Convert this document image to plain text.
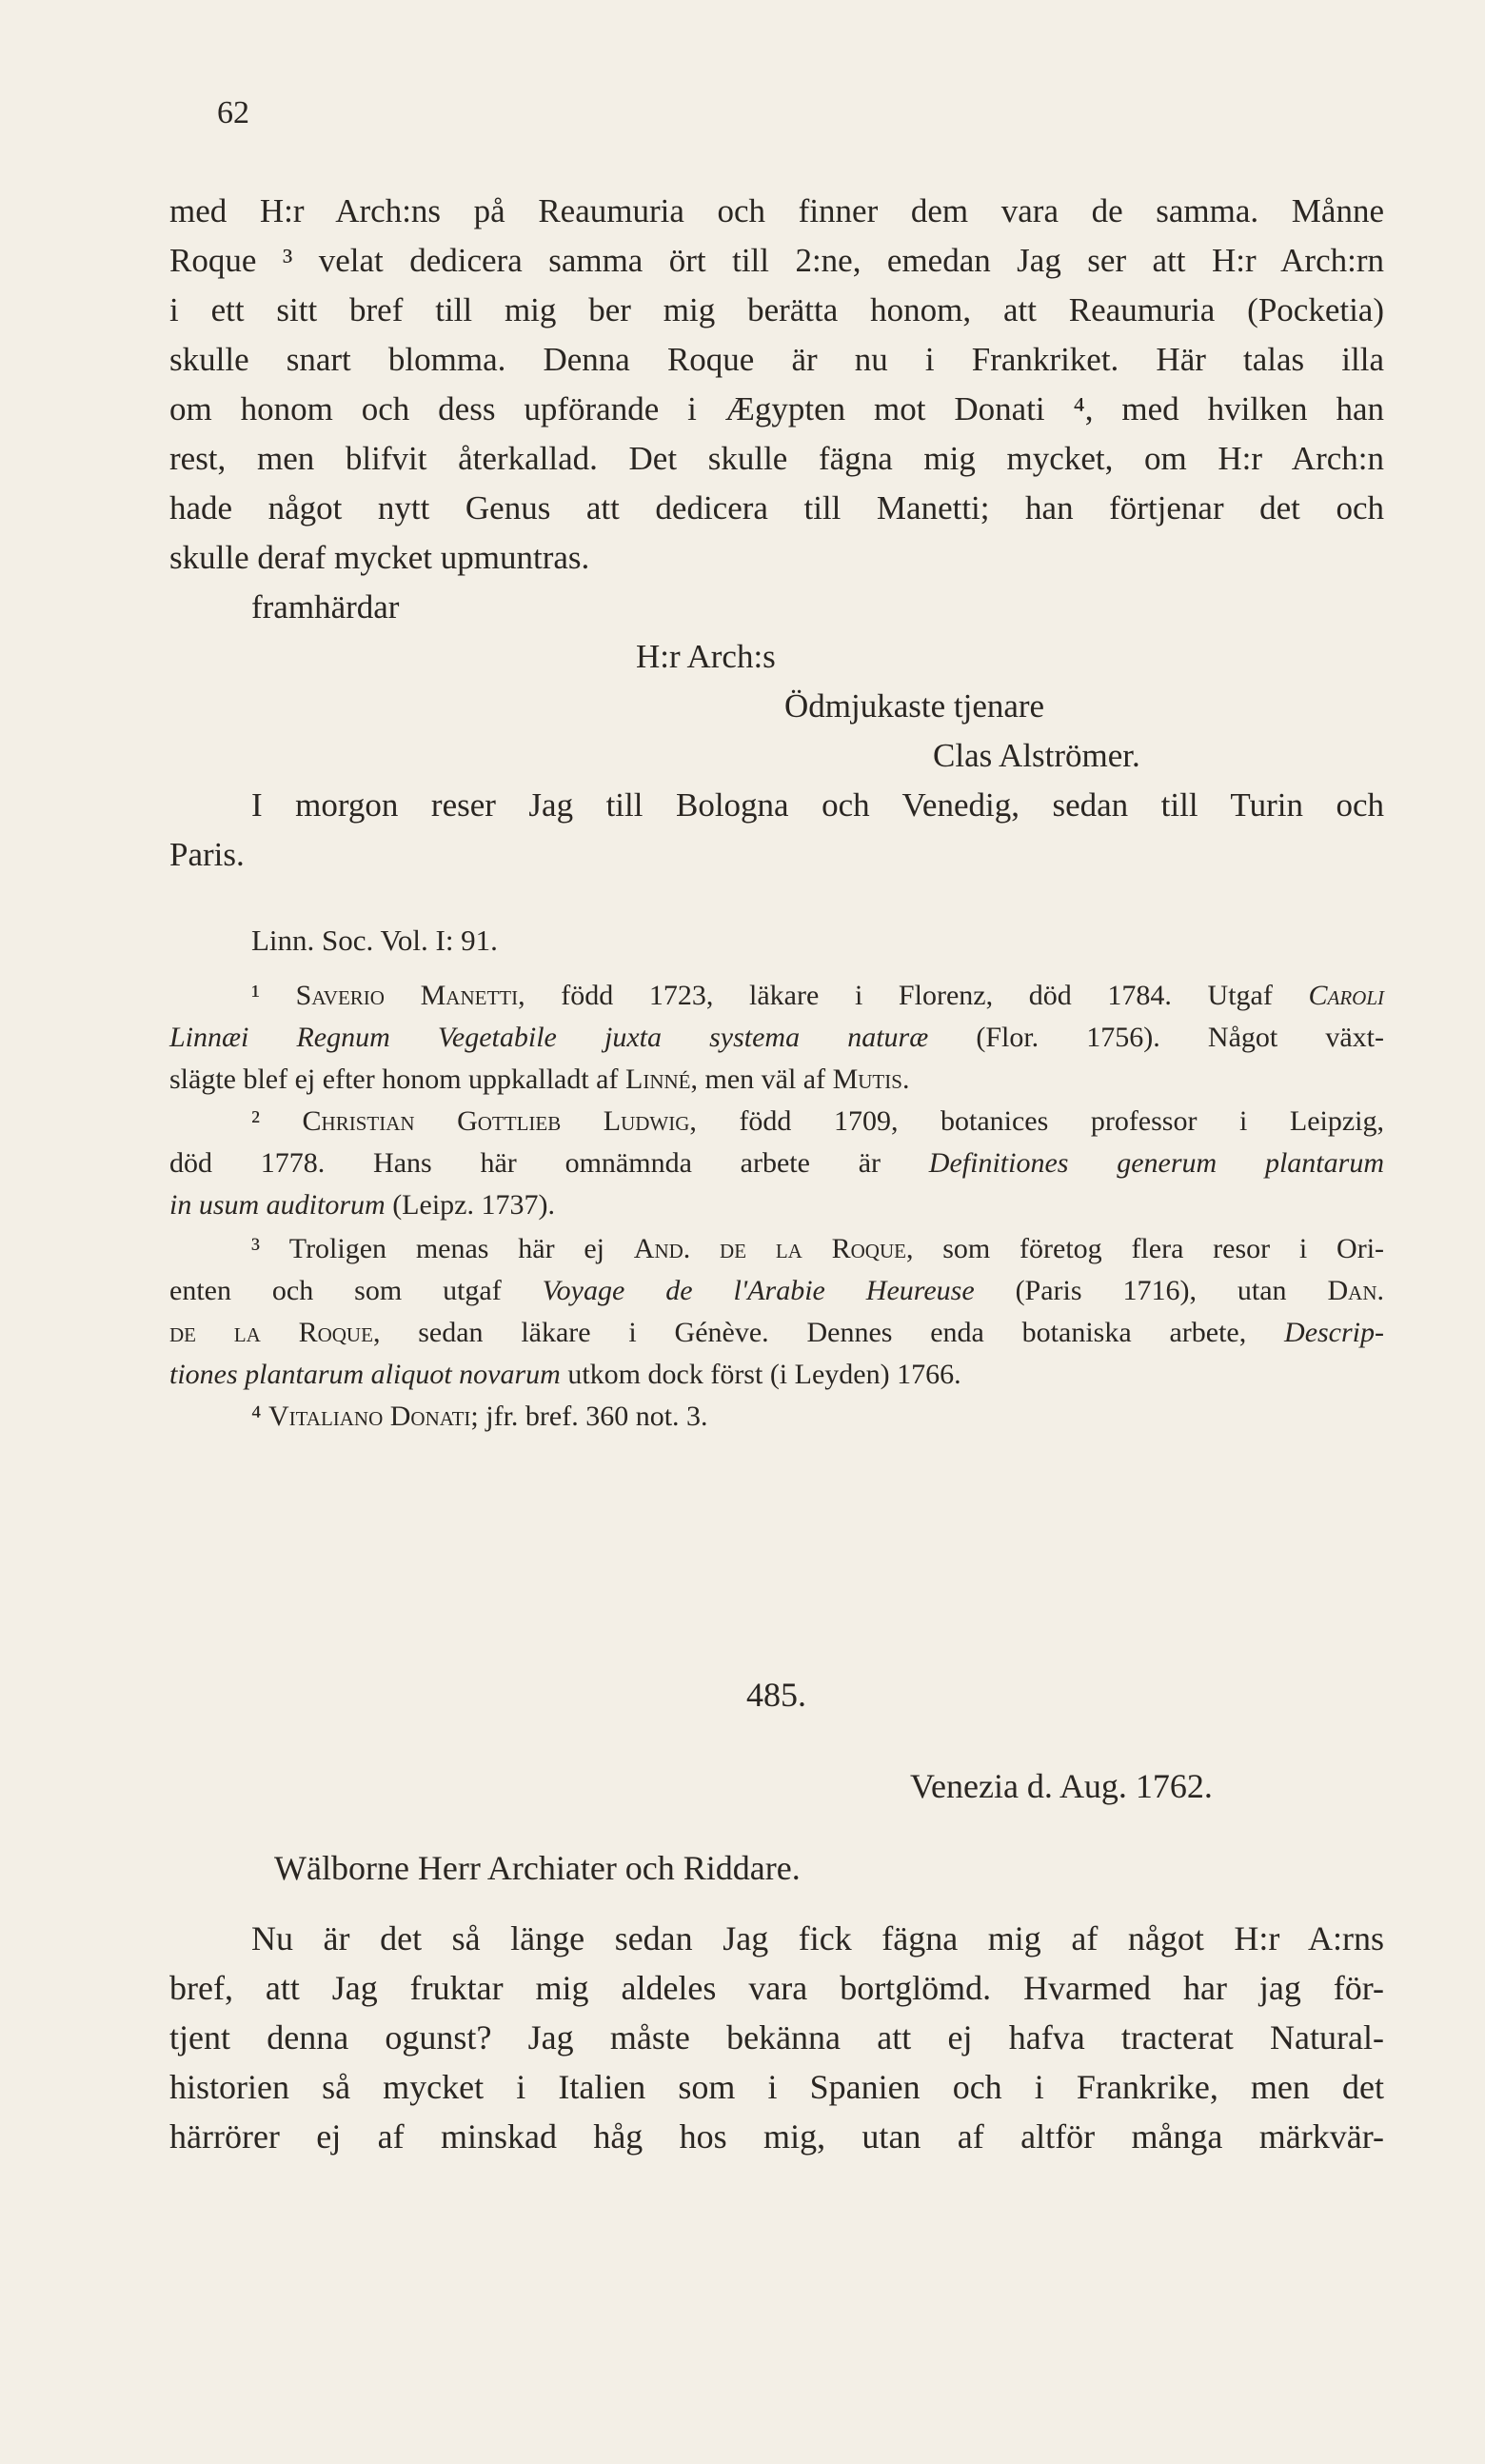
62
med H:r Arch:ns på Reaumuria och finner dem vara de samma. Månne
Roque ³ velat dedicera samma ört till 2:ne, emedan Jag ser att H:r Arch:rn
i ett sitt bref till mig ber mig berätta honom, att Reaumuria (Pocketia)
skulle snart blomma. Denna Roque är nu i Frankriket. Här talas illa
om honom och dess upförande i Ægypten mot Donati ⁴, med hvilken han
rest, men blifvit återkallad. Det skulle fägna mig mycket, om H:r Arch:n
hade något nytt Genus att dedicera till Manetti; han förtjenar det och
skulle deraf mycket upmuntras.
framhärdar
H:r Arch:s
Ödmjukaste tjenare
Clas Alströmer.
I morgon reser Jag till Bologna och Venedig, sedan till Turin och
Paris.
Linn. Soc. Vol. I: 91.
¹ Saverio Manetti, född 1723, läkare i Florenz, död 1784. Utgaf Caroli
Linnæi Regnum Vegetabile juxta systema naturæ (Flor. 1756). Något växt-
slägte blef ej efter honom uppkalladt af Linné, men väl af Mutis.
² Christian Gottlieb Ludwig, född 1709, botanices professor i Leipzig,
död 1778. Hans här omnämnda arbete är Definitiones generum plantarum
in usum auditorum (Leipz. 1737).
³ Troligen menas här ej And. de la Roque, som företog flera resor i Ori-
enten och som utgaf Voyage de l'Arabie Heureuse (Paris 1716), utan Dan.
de la Roque, sedan läkare i Génève. Dennes enda botaniska arbete, Descrip-
tiones plantarum aliquot novarum utkom dock först (i Leyden) 1766.
⁴ Vitaliano Donati; jfr. bref. 360 not. 3.
485.
Venezia d. Aug. 1762.
Wälborne Herr Archiater och Riddare.
Nu är det så länge sedan Jag fick fägna mig af något H:r A:rns
bref, att Jag fruktar mig aldeles vara bortglömd. Hvarmed har jag för-
tjent denna ogunst? Jag måste bekänna att ej hafva tracterat Natural-
historien så mycket i Italien som i Spanien och i Frankrike, men det
härrörer ej af minskad håg hos mig, utan af altför många märkvär-
